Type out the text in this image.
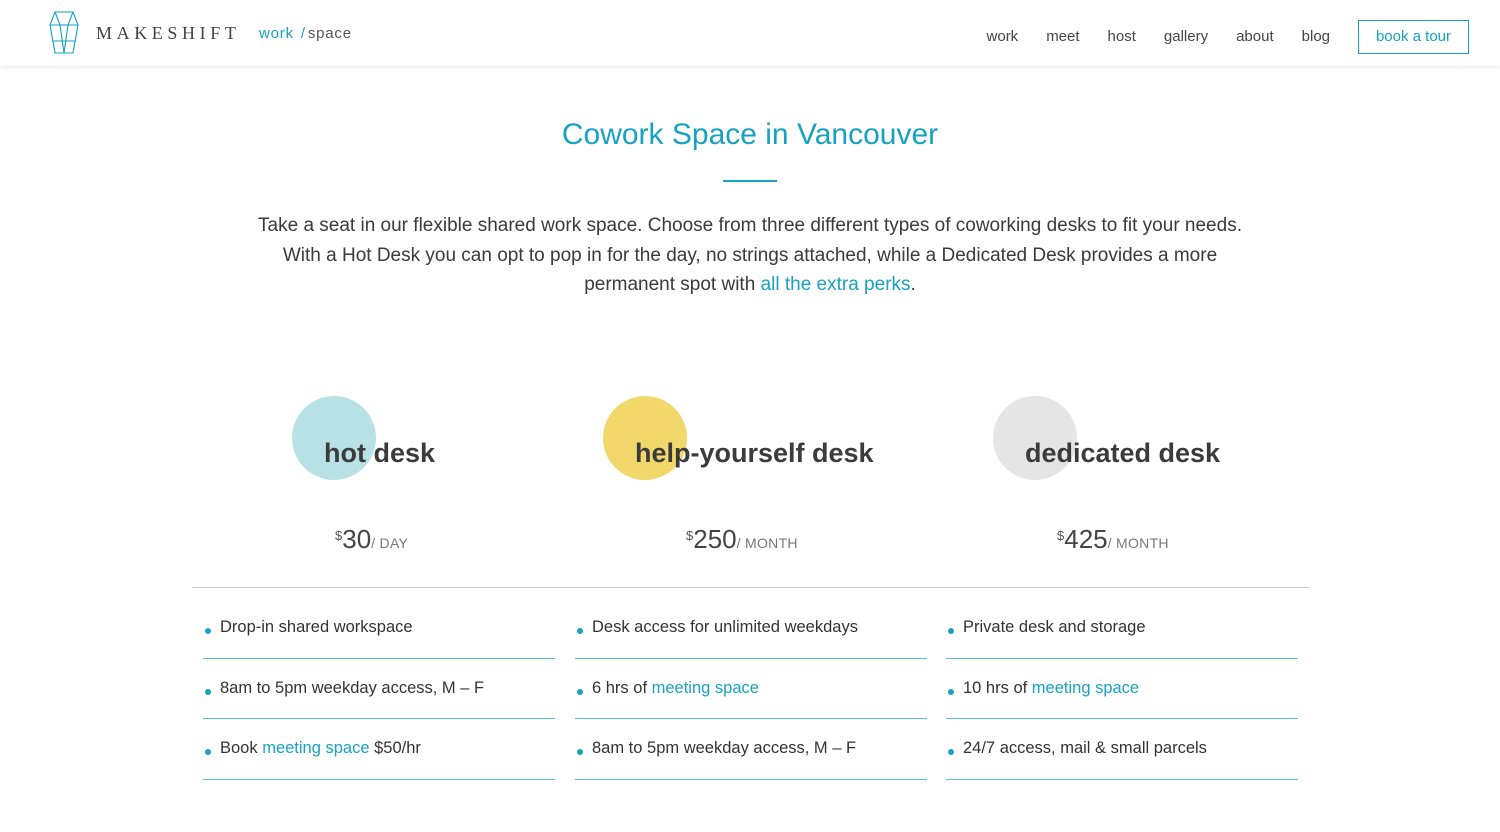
MAKESHIFT work / space	work meet host gallery about blog	book a tour
Cowork Space in Vancouver

Take a seat in our flexible shared work space. Choose from three different types of coworking desks to fit your needs. With a Hot Desk you can opt to pop in for the day, no strings attached, while a Dedicated Desk provides a more permanent spot with all the extra perks.

hot desk
$30/ DAY
help-yourself desk
$250/ MONTH
dedicated desk
$425/ MONTH
Drop-in shared workspace
8am to 5pm weekday access, M – F
Book meeting space $50/hr
Desk access for unlimited weekdays
6 hrs of meeting space
8am to 5pm weekday access, M – F
Private desk and storage
10 hrs of meeting space
24/7 access, mail & small parcels
